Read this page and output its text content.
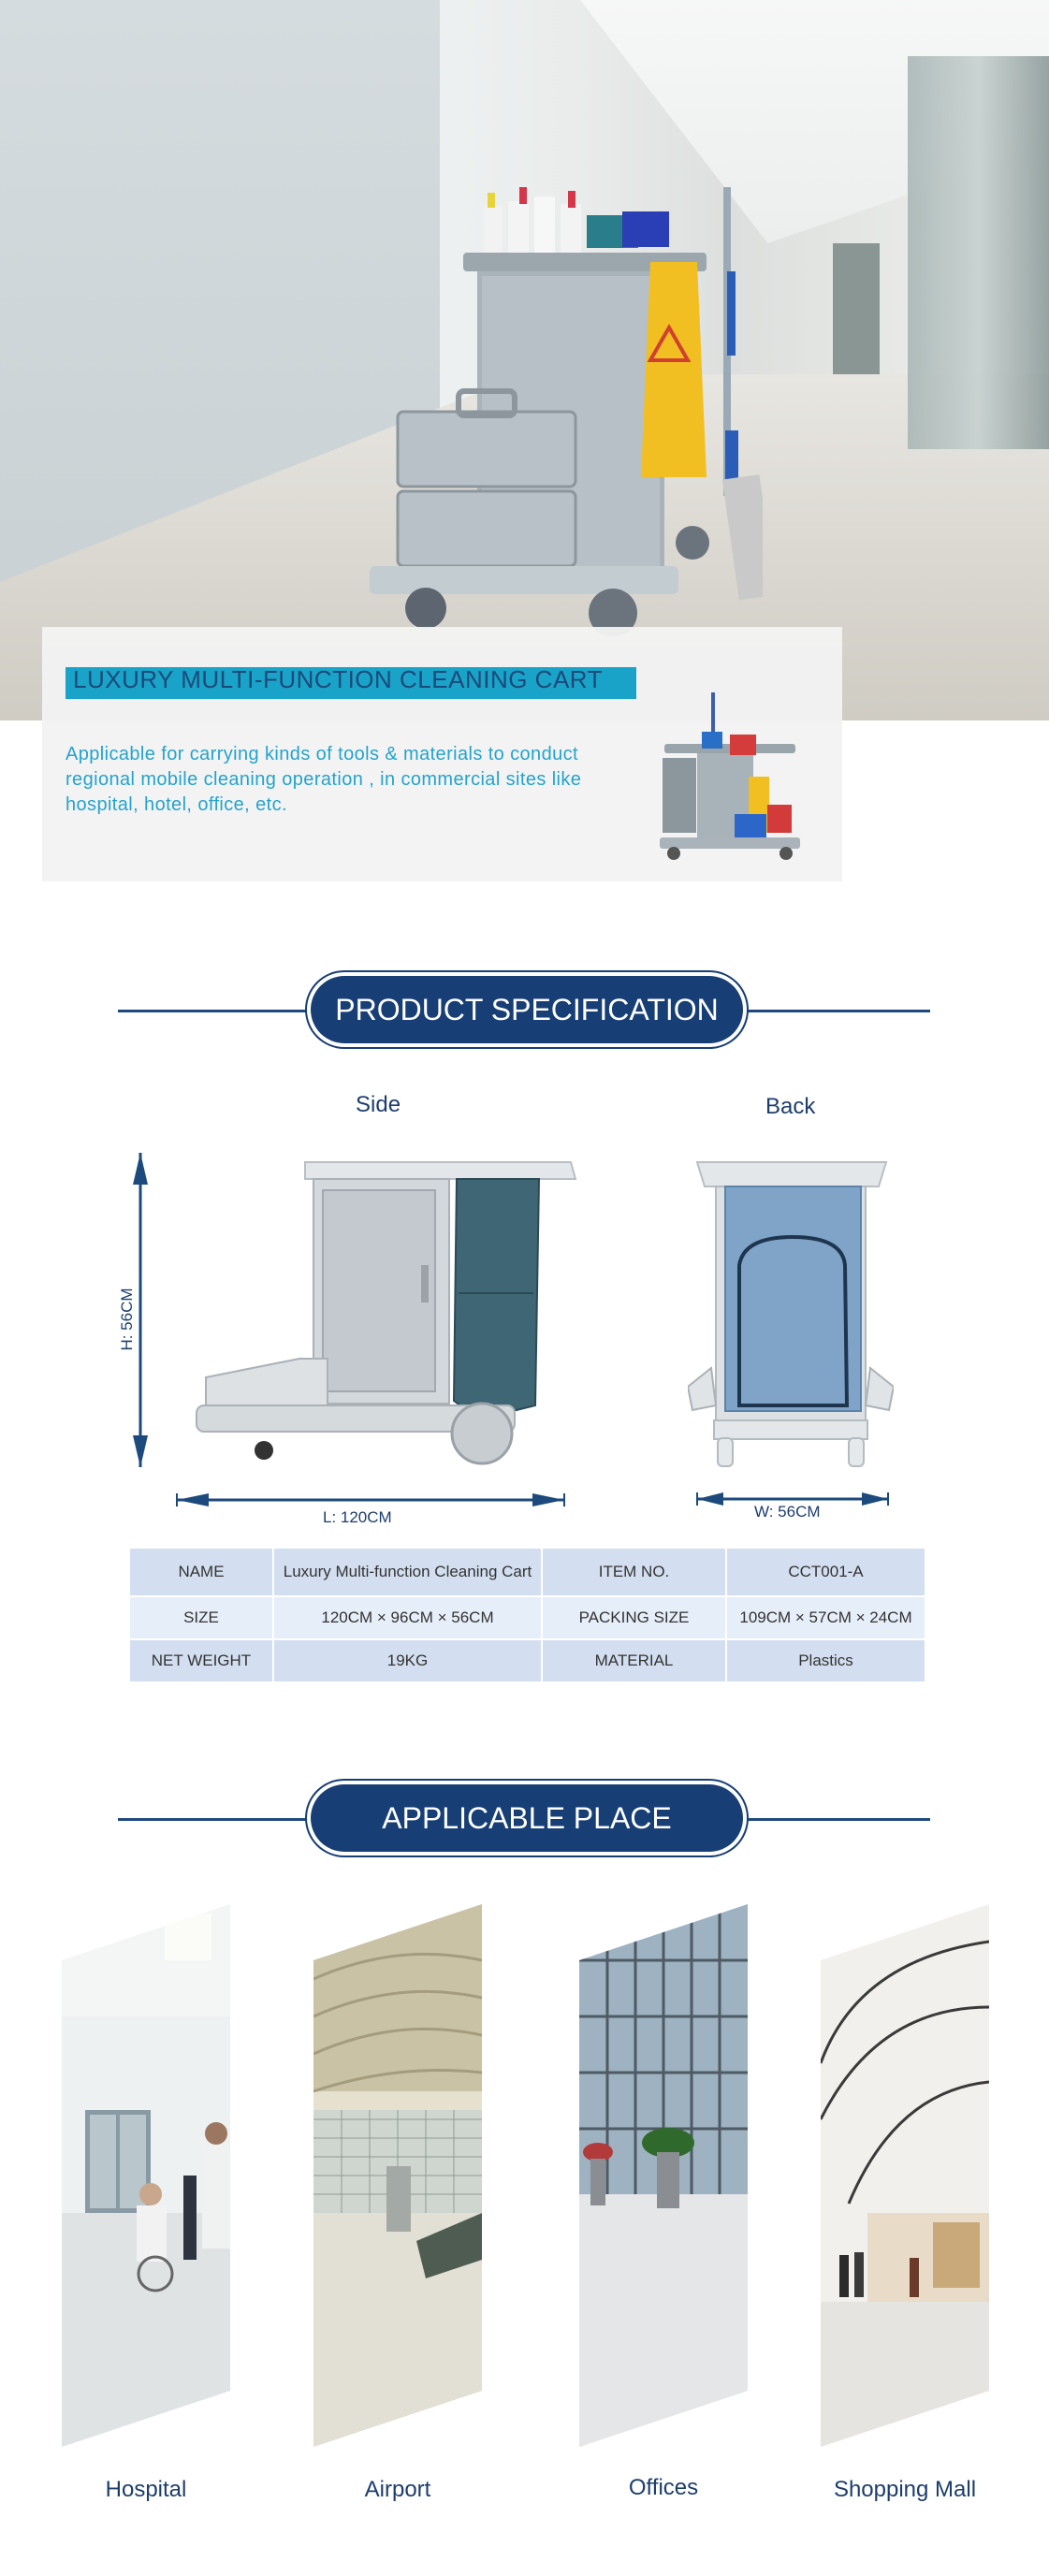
LUXURY MULTI-FUNCTION CLEANING CART
Applicable for carrying kinds of tools & materials to conduct regional mobile cleaning operation , in commercial sites like hospital, hotel, office, etc.
PRODUCT SPECIFICATION
Side	Back
H: 56CM
L: 120CM	W: 56CM
NAME	Luxury Multi-function Cleaning Cart	ITEM NO.	CCT001-A
SIZE	120CM × 96CM × 56CM	PACKING SIZE	109CM × 57CM × 24CM
NET WEIGHT	19KG	MATERIAL	Plastics
APPLICABLE PLACE
Hospital	Airport	Offices	Shopping Mall
